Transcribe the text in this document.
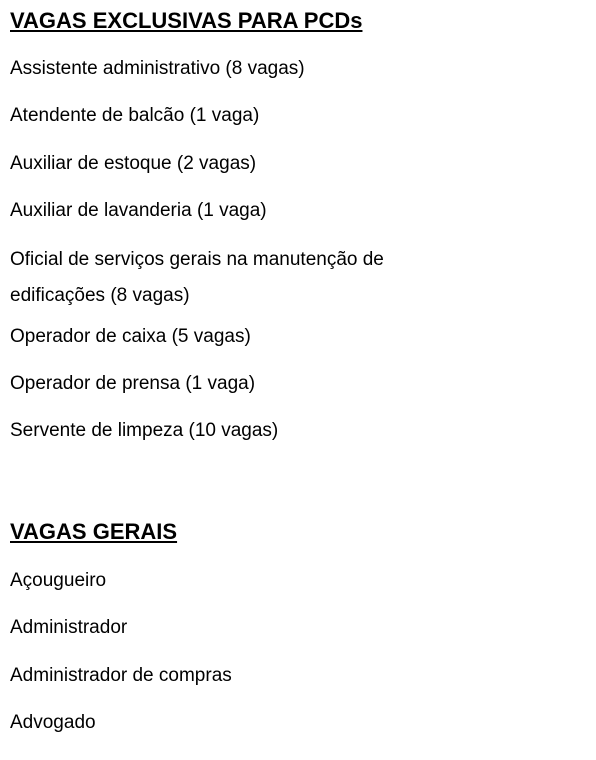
VAGAS EXCLUSIVAS PARA PCDs
Assistente administrativo (8 vagas)
Atendente de balcão (1 vaga)
Auxiliar de estoque (2 vagas)
Auxiliar de lavanderia (1 vaga)
Oficial de serviços gerais na manutenção de edificações (8 vagas)
Operador de caixa (5 vagas)
Operador de prensa (1 vaga)
Servente de limpeza (10 vagas)
VAGAS GERAIS
Açougueiro
Administrador
Administrador de compras
Advogado
